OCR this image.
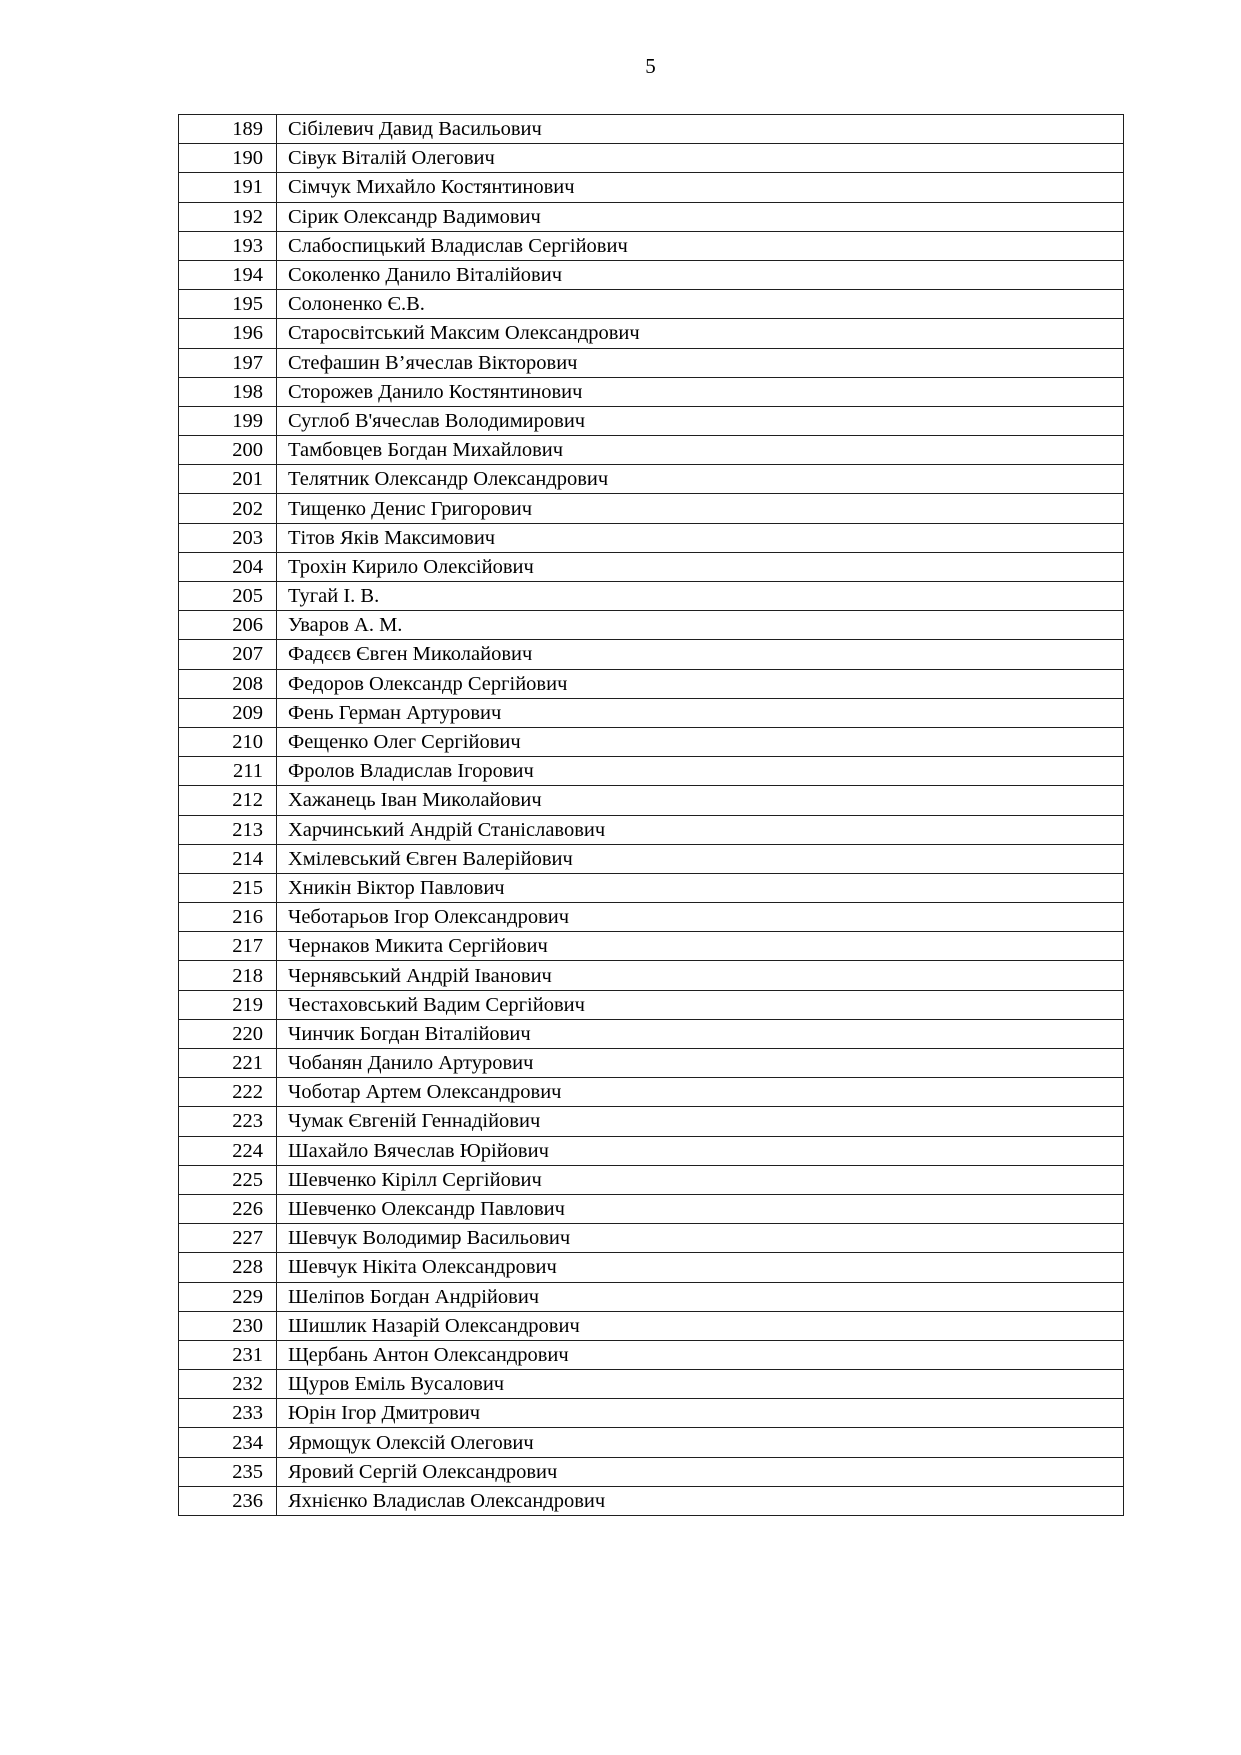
5
189	Сібілевич Давид Васильович
190	Сівук Віталій Олегович
191	Сімчук Михайло Костянтинович
192	Сірик Олександр Вадимович
193	Слабоспицький Владислав Сергійович
194	Соколенко Данило Віталійович
195	Солоненко Є.В.
196	Старосвітський Максим Олександрович
197	Стефашин В’ячеслав Вікторович
198	Сторожев Данило Костянтинович
199	Суглоб В'ячеслав Володимирович
200	Тамбовцев Богдан Михайлович
201	Телятник Олександр Олександрович
202	Тищенко Денис Григорович
203	Тітов Яків Максимович
204	Трохін Кирило Олексійович
205	Тугай І. В.
206	Уваров А. М.
207	Фадєєв Євген Миколайович
208	Федоров Олександр Сергійович
209	Фень Герман Артурович
210	Фещенко Олег Сергійович
211	Фролов Владислав Ігорович
212	Хажанець Іван Миколайович
213	Харчинський Андрій Станіславович
214	Хмілевський Євген Валерійович
215	Хникін Віктор Павлович
216	Чеботарьов Ігор Олександрович
217	Чернаков Микита Сергійович
218	Чернявський Андрій Іванович
219	Честаховський Вадим Сергійович
220	Чинчик Богдан Віталійович
221	Чобанян Данило Артурович
222	Чоботар Артем Олександрович
223	Чумак Євгеній Геннадійович
224	Шахайло Вячеслав Юрійович
225	Шевченко Кірілл Сергійович
226	Шевченко Олександр Павлович
227	Шевчук Володимир Васильович
228	Шевчук Нікіта Олександрович
229	Шеліпов Богдан Андрійович
230	Шишлик Назарій Олександрович
231	Щербань Антон Олександрович
232	Щуров Еміль Вусалович
233	Юрін Ігор Дмитрович
234	Ярмощук Олексій Олегович
235	Яровий Сергій Олександрович
236	Яхнієнко Владислав Олександрович
